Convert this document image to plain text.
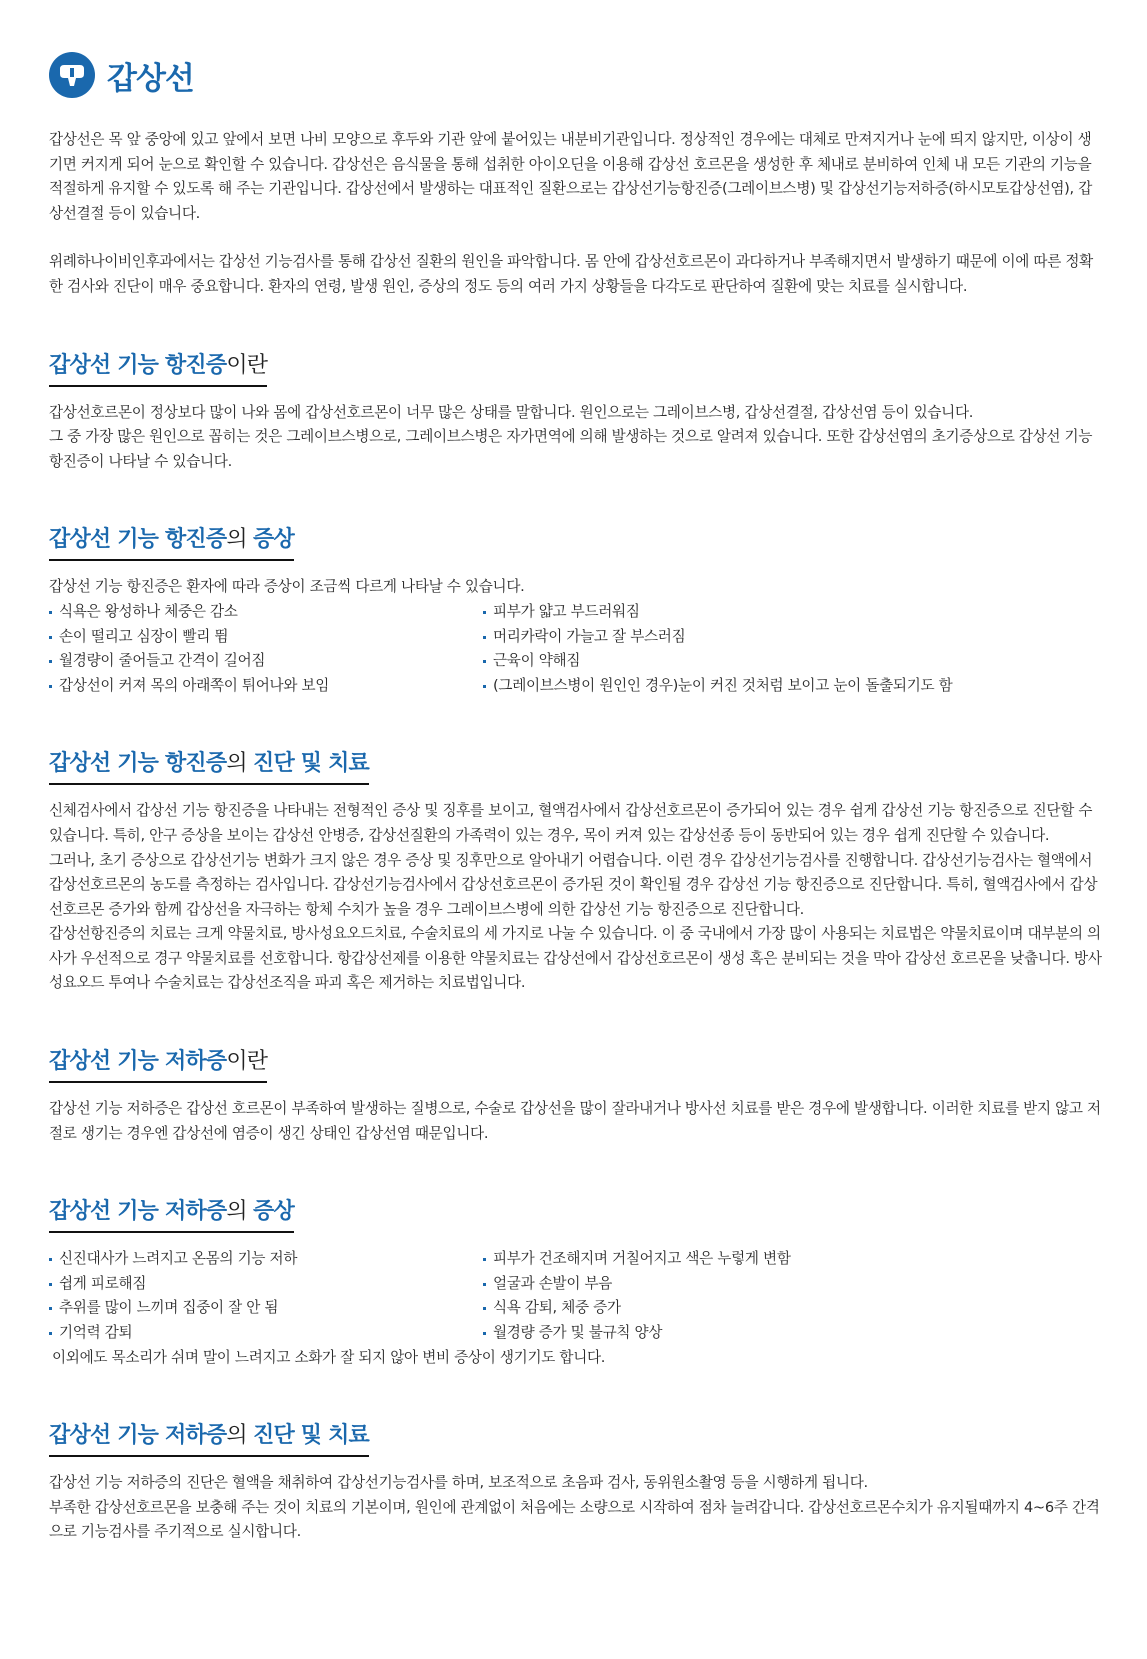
갑상선

갑상선은 목 앞 중앙에 있고 앞에서 보면 나비 모양으로 후두와 기관 앞에 붙어있는 내분비기관입니다. 정상적인 경우에는 대체로 만져지거나 눈에 띄지 않지만, 이상이 생기면 커지게 되어 눈으로 확인할 수 있습니다. 갑상선은 음식물을 통해 섭취한 아이오딘을 이용해 갑상선 호르몬을 생성한 후 체내로 분비하여 인체 내 모든 기관의 기능을 적절하게 유지할 수 있도록 해 주는 기관입니다. 갑상선에서 발생하는 대표적인 질환으로는 갑상선기능항진증(그레이브스병) 및 갑상선기능저하증(하시모토갑상선염), 갑상선결절 등이 있습니다.

위례하나이비인후과에서는 갑상선 기능검사를 통해 갑상선 질환의 원인을 파악합니다. 몸 안에 갑상선호르몬이 과다하거나 부족해지면서 발생하기 때문에 이에 따른 정확한 검사와 진단이 매우 중요합니다. 환자의 연령, 발생 원인, 증상의 정도 등의 여러 가지 상황들을 다각도로 판단하여 질환에 맞는 치료를 실시합니다.

갑상선 기능 항진증이란

갑상선호르몬이 정상보다 많이 나와 몸에 갑상선호르몬이 너무 많은 상태를 말합니다. 원인으로는 그레이브스병, 갑상선결절, 갑상선염 등이 있습니다.

그 중 가장 많은 원인으로 꼽히는 것은 그레이브스병으로, 그레이브스병은 자가면역에 의해 발생하는 것으로 알려져 있습니다. 또한 갑상선염의 초기증상으로 갑상선 기능 항진증이 나타날 수 있습니다.

갑상선 기능 항진증의 증상

갑상선 기능 항진증은 환자에 따라 증상이 조금씩 다르게 나타날 수 있습니다.

식욕은 왕성하나 체중은 감소	피부가 얇고 부드러워짐
손이 떨리고 심장이 빨리 뜀	머리카락이 가늘고 잘 부스러짐
월경량이 줄어들고 간격이 길어짐	근육이 약해짐
갑상선이 커져 목의 아래쪽이 튀어나와 보임	(그레이브스병이 원인인 경우)눈이 커진 것처럼 보이고 눈이 돌출되기도 함
갑상선 기능 항진증의 진단 및 치료

신체검사에서 갑상선 기능 항진증을 나타내는 전형적인 증상 및 징후를 보이고, 혈액검사에서 갑상선호르몬이 증가되어 있는 경우 쉽게 갑상선 기능 항진증으로 진단할 수 있습니다. 특히, 안구 증상을 보이는 갑상선 안병증, 갑상선질환의 가족력이 있는 경우, 목이 커져 있는 갑상선종 등이 동반되어 있는 경우 쉽게 진단할 수 있습니다.

그러나, 초기 증상으로 갑상선기능 변화가 크지 않은 경우 증상 및 징후만으로 알아내기 어렵습니다. 이런 경우 갑상선기능검사를 진행합니다. 갑상선기능검사는 혈액에서 갑상선호르몬의 농도를 측정하는 검사입니다. 갑상선기능검사에서 갑상선호르몬이 증가된 것이 확인될 경우 갑상선 기능 항진증으로 진단합니다. 특히, 혈액검사에서 갑상선호르몬 증가와 함께 갑상선을 자극하는 항체 수치가 높을 경우 그레이브스병에 의한 갑상선 기능 항진증으로 진단합니다.

갑상선항진증의 치료는 크게 약물치료, 방사성요오드치료, 수술치료의 세 가지로 나눌 수 있습니다. 이 중 국내에서 가장 많이 사용되는 치료법은 약물치료이며 대부분의 의사가 우선적으로 경구 약물치료를 선호합니다. 항갑상선제를 이용한 약물치료는 갑상선에서 갑상선호르몬이 생성 혹은 분비되는 것을 막아 갑상선 호르몬을 낮춥니다. 방사성요오드 투여나 수술치료는 갑상선조직을 파괴 혹은 제거하는 치료법입니다.

갑상선 기능 저하증이란

갑상선 기능 저하증은 갑상선 호르몬이 부족하여 발생하는 질병으로, 수술로 갑상선을 많이 잘라내거나 방사선 치료를 받은 경우에 발생합니다. 이러한 치료를 받지 않고 저절로 생기는 경우엔 갑상선에 염증이 생긴 상태인 갑상선염 때문입니다.

갑상선 기능 저하증의 증상
신진대사가 느려지고 온몸의 기능 저하	피부가 건조해지며 거칠어지고 색은 누렇게 변함
쉽게 피로해짐	얼굴과 손발이 부음
추위를 많이 느끼며 집중이 잘 안 됨	식욕 감퇴, 체중 증가
기억력 감퇴	월경량 증가 및 불규칙 양상

이외에도 목소리가 쉬며 말이 느려지고 소화가 잘 되지 않아 변비 증상이 생기기도 합니다.

갑상선 기능 저하증의 진단 및 치료

갑상선 기능 저하증의 진단은 혈액을 채취하여 갑상선기능검사를 하며, 보조적으로 초음파 검사, 동위원소촬영 등을 시행하게 됩니다.

부족한 갑상선호르몬을 보충해 주는 것이 치료의 기본이며, 원인에 관계없이 처음에는 소량으로 시작하여 점차 늘려갑니다. 갑상선호르몬수치가 유지될때까지 4~6주 간격으로 기능검사를 주기적으로 실시합니다.
